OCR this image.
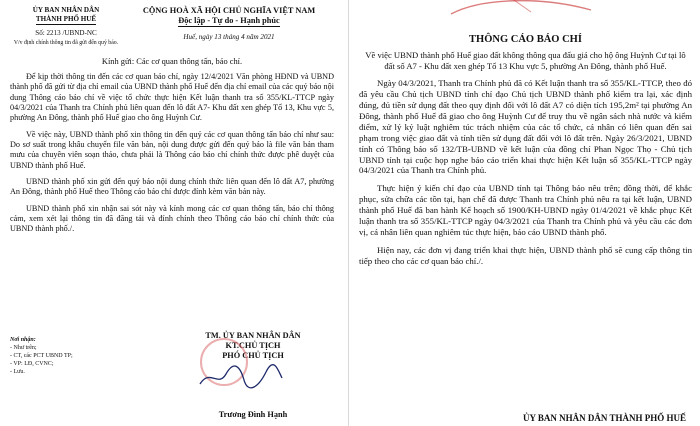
ỦY BAN NHÂN DÂN
THÀNH PHỐ HUẾ
Số: 2213 /UBND-NC
V/v định chính thông tin đã gửi đến quý báo.
CỘNG HOÀ XÃ HỘI CHỦ NGHĨA VIỆT NAM
Độc lập - Tự do - Hạnh phúc
Huế, ngày 13 tháng 4 năm 2021

Kính gửi: Các cơ quan thông tấn, báo chí.

Để kịp thời thông tin đến các cơ quan báo chí, ngày 12/4/2021 Văn phòng HĐND và UBND thành phố đã gửi từ địa chỉ email của UBND thành phố Huế đến địa chỉ email của các quý báo nội dung Thông cáo báo chí về việc tổ chức thực hiện Kết luận thanh tra số 355/KL-TTCP ngày 04/3/2021 của Thanh tra Chính phủ liên quan đến lô đất A7- Khu đất xen ghép Tổ 13, Khu vực 5, phường An Đông, thành phố Huế giao cho ông Huỳnh Cư.

Về việc này, UBND thành phố xin thông tin đến quý các cơ quan thông tấn báo chí như sau: Do sơ suất trong khâu chuyển file văn bản, nội dung được gửi đến quý báo là file văn bản tham mưu của chuyên viên soạn thảo, chưa phải là Thông cáo báo chí chính thức được phê duyệt của UBND thành phố Huế.

UBND thành phố xin gửi đến quý báo nội dung chính thức liên quan đến lô đất A7, phường An Đông, thành phố Huế theo Thông cáo báo chí được đính kèm văn bản này.

UBND thành phố xin nhận sai sót này và kính mong các cơ quan thông tấn, báo chí thông cảm, xem xét lại thông tin đã đăng tải và đính chính theo Thông cáo báo chí chính thức của UBND thành phố./.

Nơi nhận:
- Như trên;
- CT, các PCT UBND TP;
- VP: LĐ, CVNC;
- Lưu.
TM. ỦY BAN NHÂN DÂN
KT.CHỦ TỊCH
PHÓ CHỦ TỊCH
Trương Đình Hạnh
THÔNG CÁO BÁO CHÍ

Về việc UBND thành phố Huế giao đất không thông qua đấu giá cho hộ ông Huỳnh Cư tại lô đất số A7 - Khu đất xen ghép Tổ 13 Khu vực 5, phường An Đông, thành phố Huế.

Ngày 04/3/2021, Thanh tra Chính phủ đã có Kết luận thanh tra số 355/KL-TTCP, theo đó đã yêu cầu Chủ tịch UBND tỉnh chỉ đạo Chủ tịch UBND thành phố kiểm tra lại, xác định đúng, đủ tiền sử dụng đất theo quy định đối với lô đất A7 có diện tích 195,2m² tại phường An Đông, thành phố Huế đã giao cho ông Huỳnh Cư để truy thu về ngân sách nhà nước và kiểm điểm, xử lý kỷ luật nghiêm túc trách nhiệm của các tổ chức, cá nhân có liên quan đến sai phạm trong việc giao đất và tính tiền sử dụng đất đối với lô đất trên. Ngày 26/3/2021, UBND tỉnh có Thông báo số 132/TB-UBND về kết luận của đồng chí Phan Ngọc Thọ - Chủ tịch UBND tỉnh tại cuộc họp nghe báo cáo triển khai thực hiện Kết luận số 355/KL-TTCP ngày 04/3/2021 của Thanh tra Chính phủ.

Thực hiện ý kiến chỉ đạo của UBND tỉnh tại Thông báo nêu trên; đồng thời, để khắc phục, sửa chữa các tồn tại, hạn chế đã được Thanh tra Chính phủ nêu ra tại kết luận, UBND thành phố Huế đã ban hành Kế hoạch số 1900/KH-UBND ngày 01/4/2021 về khắc phục Kết luận thanh tra số 355/KL-TTCP ngày 04/3/2021 của Thanh tra Chính phủ và yêu cầu các đơn vị, cá nhân liên quan nghiêm túc thực hiện, báo cáo UBND thành phố.

Hiện nay, các đơn vị đang triển khai thực hiện, UBND thành phố sẽ cung cấp thông tin tiếp theo cho các cơ quan báo chí./.

ỦY BAN NHÂN DÂN THÀNH PHỐ HUẾ
